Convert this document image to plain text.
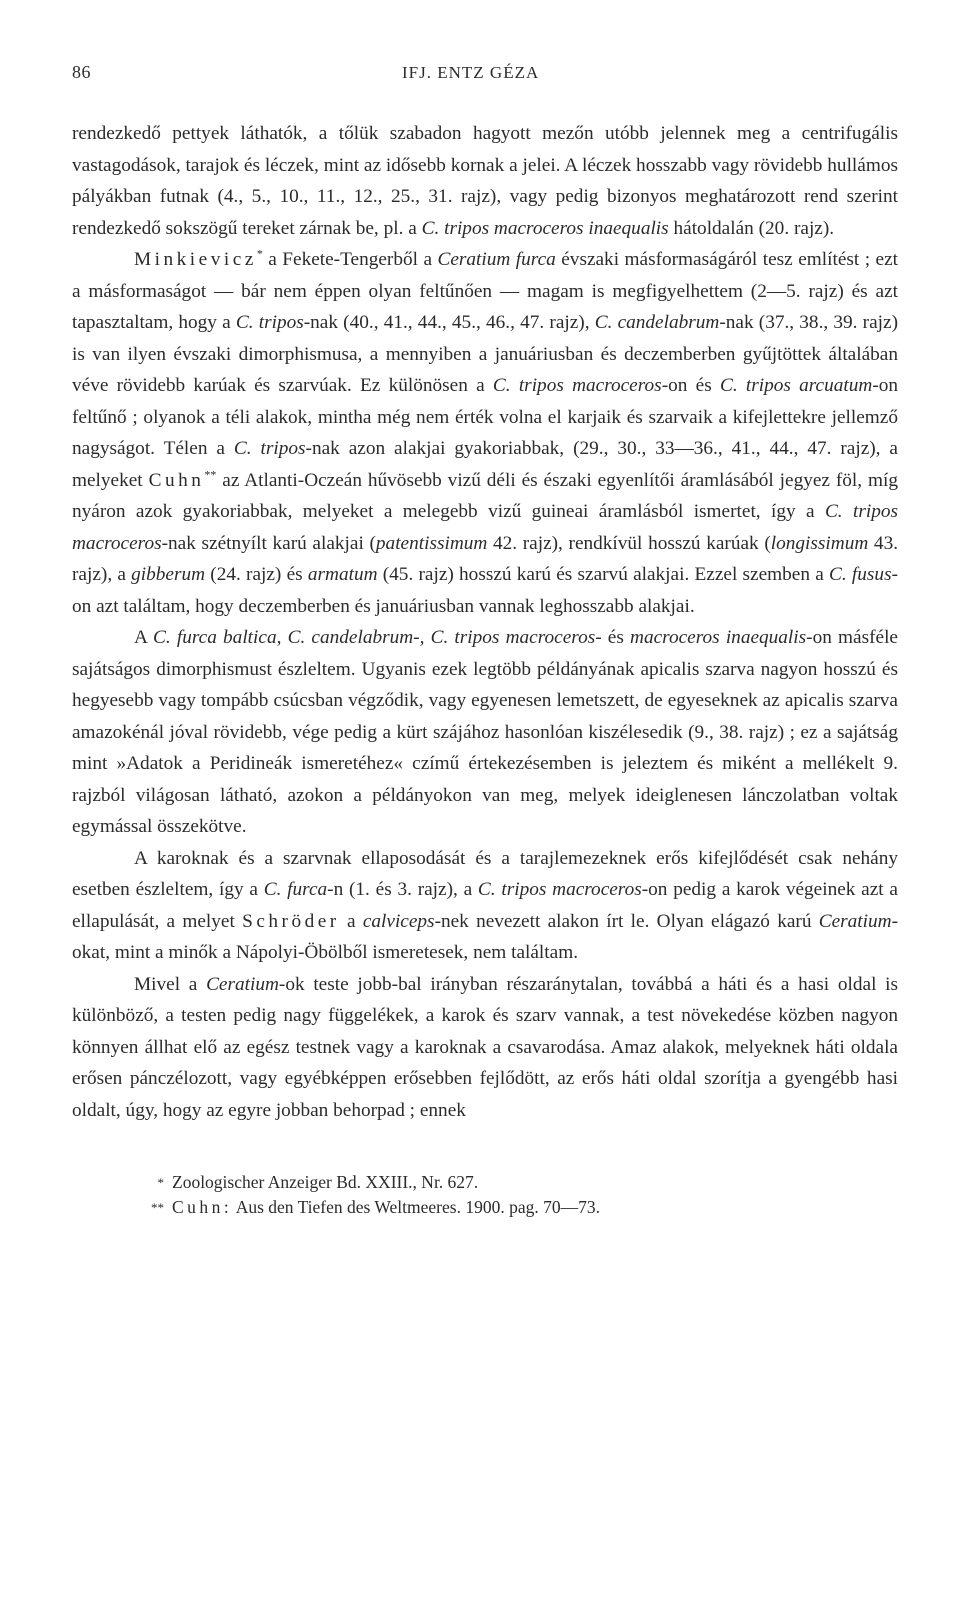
86	IFJ. ENTZ GÉZA

rendezkedő pettyek láthatók, a tőlük szabadon hagyott mezőn utóbb jelennek meg a centrifugális vastagodások, tarajok és léczek, mint az idősebb kornak a jelei. A léczek hosszabb vagy rövidebb hullámos pályákban futnak (4., 5., 10., 11., 12., 25., 31. rajz), vagy pedig bizonyos meghatározott rend szerint rendezkedő sokszögű tereket zárnak be, pl. a C. tripos macroceros inaequalis hátoldalán (20. rajz).

Minkievicz* a Fekete-Tengerből a Ceratium furca évszaki másformaságáról tesz említést ; ezt a másformaságot — bár nem éppen olyan feltűnően — magam is megfigyelhettem (2—5. rajz) és azt tapasztaltam, hogy a C. tripos-nak (40., 41., 44., 45., 46., 47. rajz), C. candelabrum-nak (37., 38., 39. rajz) is van ilyen évszaki dimorphismusa, a mennyiben a januáriusban és deczemberben gyűjtöttek általában véve rövidebb karúak és szarvúak. Ez különösen a C. tripos macroceros-on és C. tripos arcuatum-on feltűnő ; olyanok a téli alakok, mintha még nem érték volna el karjaik és szarvaik a kifejlettekre jellemző nagyságot. Télen a C. tripos-nak azon alakjai gyakoriabbak, (29., 30., 33—36., 41., 44., 47. rajz), a melyeket Cuhn** az Atlanti-Oczeán hűvösebb vizű déli és északi egyenlítői áramlásából jegyez föl, míg nyáron azok gyakoriabbak, melyeket a melegebb vizű guineai áramlásból ismertet, így a C. tripos macroceros-nak szétnyílt karú alakjai (patentissimum 42. rajz), rendkívül hosszú karúak (longissimum 43. rajz), a gibberum (24. rajz) és armatum (45. rajz) hosszú karú és szarvú alakjai. Ezzel szemben a C. fusus-on azt találtam, hogy deczemberben és januáriusban vannak leghosszabb alakjai.

A C. furca baltica, C. candelabrum-, C. tripos macroceros- és macroceros inaequalis-on másféle sajátságos dimorphismust észleltem. Ugyanis ezek legtöbb példányának apicalis szarva nagyon hosszú és hegyesebb vagy tompább csúcsban végződik, vagy egyenesen lemetszett, de egyeseknek az apicalis szarva amazokénál jóval rövidebb, vége pedig a kürt szájához hasonlóan kiszélesedik (9., 38. rajz) ; ez a sajátság mint »Adatok a Peridineák ismeretéhez« czímű értekezésemben is jeleztem és miként a mellékelt 9. rajzból világosan látható, azokon a példányokon van meg, melyek ideiglenesen lánczolatban voltak egymással összekötve.

A karoknak és a szarvnak ellaposodását és a tarajlemezeknek erős kifejlődését csak nehány esetben észleltem, így a C. furca-n (1. és 3. rajz), a C. tripos macroceros-on pedig a karok végeinek azt a ellapulását, a melyet Schröder a calviceps-nek nevezett alakon írt le. Olyan elágazó karú Ceratium-okat, mint a minők a Nápolyi-Öbölből ismeretesek, nem találtam.

Mivel a Ceratium-ok teste jobb-bal irányban részaránytalan, továbbá a háti és a hasi oldal is különböző, a testen pedig nagy függelékek, a karok és szarv vannak, a test növekedése közben nagyon könnyen állhat elő az egész testnek vagy a karoknak a csavarodása. Amaz alakok, melyeknek háti oldala erősen pánczélozott, vagy egyébképpen erősebben fejlődött, az erős háti oldal szorítja a gyengébb hasi oldalt, úgy, hogy az egyre jobban behorpad ; ennek

* Zoologischer Anzeiger Bd. XXIII., Nr. 627.

** Cuhn: Aus den Tiefen des Weltmeeres. 1900. pag. 70—73.
